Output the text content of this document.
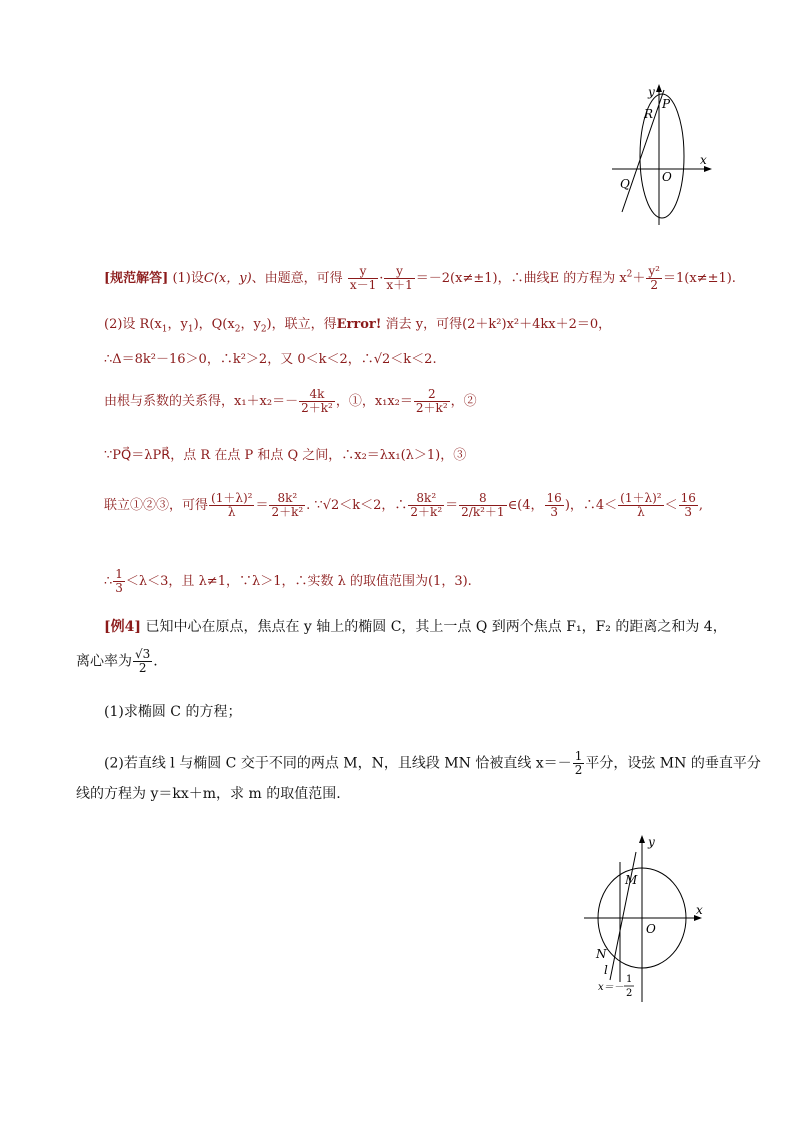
y
P
R
x
O
Q
[规范解答] (1)设C(x，y)、由题意，可得 $\frac{y}{x-1} \cdot \frac{y}{x+1} =-2(x\ne\pm 1)$，∴曲线E 的方程为 $x^2+ \frac{\text{y²}}{2} =1(x\ne\pm 1)$.
(2)设 $R(x_1$，$y_1$)，$Q(x_2$，$y_2$)，联立，得Error! 消去 y，可得(2＋k²)x²＋4kx＋2＝0，
∴Δ＝8k²－16＞0，∴k²＞2，又 0＜k＜2，∴√2＜k＜2.
由根与系数的关系得，$x_1+x_2=- \frac{4k}{\text{2＋k²}}$ ，①，$x_1x_2= \frac{2}{\text{2＋k²}}$ ，②
∵PQ⃗＝λPR⃗，点 R 在点 P 和点 Q 之间，∴x₂＝λx₁(λ＞1)，③
联立①②③，可得 $\frac{\text{(1＋λ)²}}{\lambda} = \frac{\text{8k²}}{\text{2＋k²}}$ . ∵√2＜k＜2，∴ $\frac{\text{8k²}}{\text{2＋k²}} = \frac{8}{\text{2/k²＋1}}$ ∈(4， $\frac{16}{3}$ )，∴4＜ $\frac{\text{(1＋λ)²}}{\lambda} < \frac{16}{3}$ ,
∴ $\frac{1}{3} <\lambda<3$，且 λ≠1，∵λ＞1，∴实数 λ 的取值范围为(1，3).
[例4] 已知中心在原点，焦点在 y 轴上的椭圆 C，其上一点 Q 到两个焦点 F₁，F₂ 的距离之和为 4，
离心率为 $\frac{√3}{2}$ .
(1)求椭圆 C 的方程；
(2)若直线 l 与椭圆 C 交于不同的两点 M，N，且线段 MN 恰被直线 $x=- \frac{1}{2}$ 平分，设弦 MN 的垂直平分
线的方程为 y＝kx＋m，求 m 的取值范围.
y
M
x
O
N
l
x＝－
1
2
